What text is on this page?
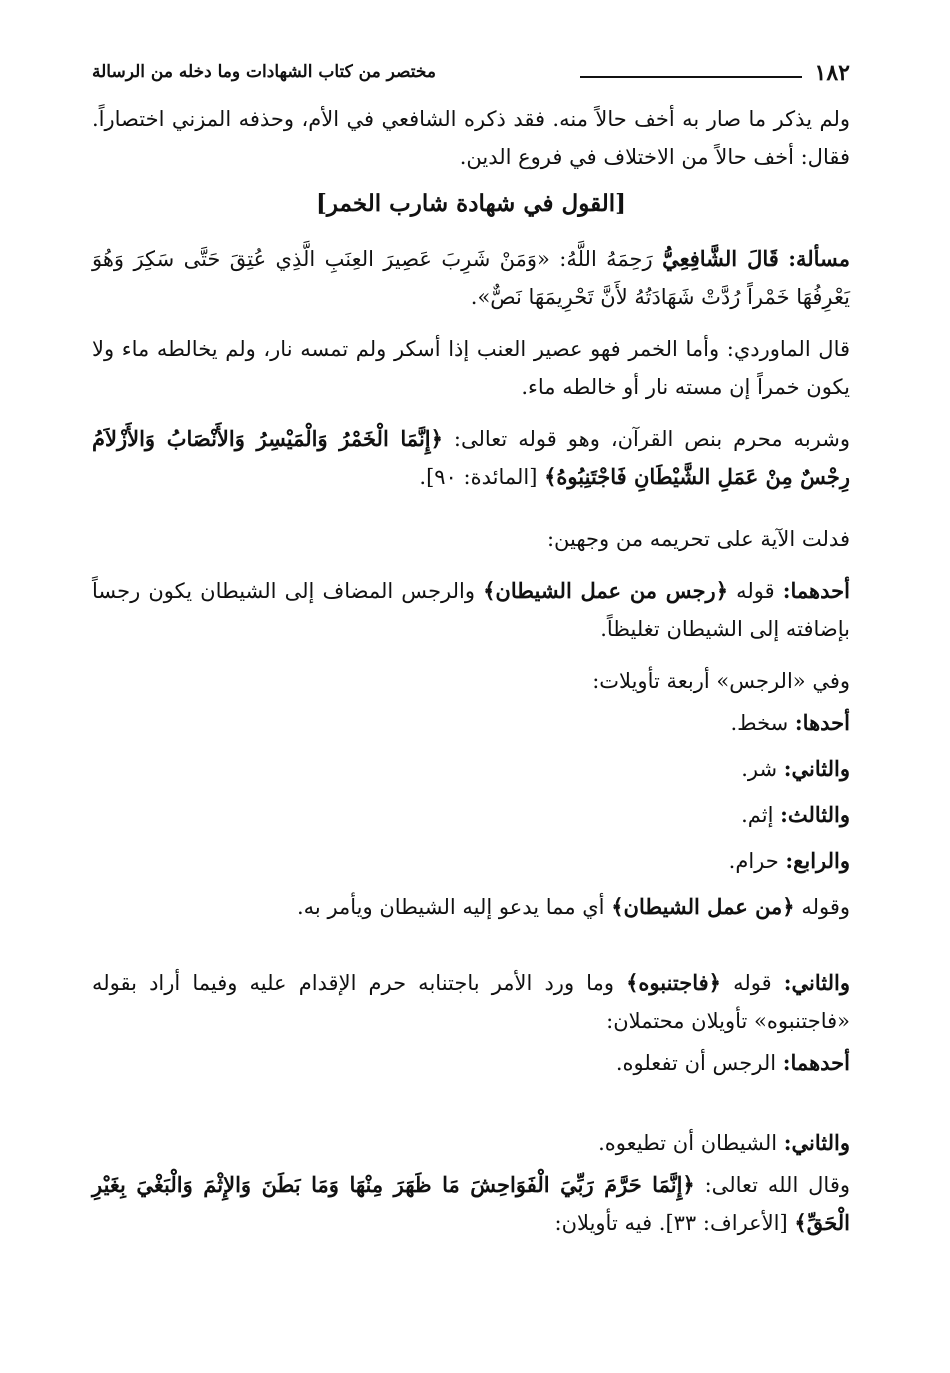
١٨٢
مختصر من كتاب الشهادات وما دخله من الرسالة

ولم يذكر ما صار به أخف حالاً منه. فقد ذكره الشافعي في الأم، وحذفه المزني اختصاراً. فقال: أخف حالاً من الاختلاف في فروع الدين.

[القول في شهادة شارب الخمر]

مسألة: قَالَ الشَّافِعِيُّ رَحِمَهُ اللَّهُ: «وَمَنْ شَرِبَ عَصِيرَ العِنَبِ الَّذِي عُتِقَ حَتَّى سَكِرَ وَهُوَ يَعْرِفُهَا خَمْراً رُدَّتْ شَهَادَتُهُ لأَنَّ تَحْرِيمَهَا نَصٌّ».

قال الماوردي: وأما الخمر فهو عصير العنب إذا أسكر ولم تمسه نار، ولم يخالطه ماء ولا يكون خمراً إن مسته نار أو خالطه ماء.

وشربه محرم بنص القرآن، وهو قوله تعالى: ﴿إِنَّمَا الْخَمْرُ وَالْمَيْسِرُ وَالأَنْصَابُ وَالأَزْلاَمُ رِجْسٌ مِنْ عَمَلِ الشَّيْطَانِ فَاجْتَنِبُوهُ﴾ [المائدة: ٩٠].

فدلت الآية على تحريمه من وجهين:

أحدهما: قوله ﴿رجس من عمل الشيطان﴾ والرجس المضاف إلى الشيطان يكون رجساً بإضافته إلى الشيطان تغليظاً.

وفي «الرجس» أربعة تأويلات:

أحدها: سخط.

والثاني: شر.

والثالث: إثم.

والرابع: حرام.

وقوله ﴿من عمل الشيطان﴾ أي مما يدعو إليه الشيطان ويأمر به.

والثاني: قوله ﴿فاجتنبوه﴾ وما ورد الأمر باجتنابه حرم الإقدام عليه وفيما أراد بقوله «فاجتنبوه» تأويلان محتملان:

أحدهما: الرجس أن تفعلوه.

والثاني: الشيطان أن تطيعوه.

وقال الله تعالى: ﴿إِنَّمَا حَرَّمَ رَبِّيَ الْفَوَاحِشَ مَا ظَهَرَ مِنْهَا وَمَا بَطَنَ وَالإِثْمَ وَالْبَغْيَ بِغَيْرِ الْحَقِّ﴾ [الأعراف: ٣٣]. فيه تأويلان:
